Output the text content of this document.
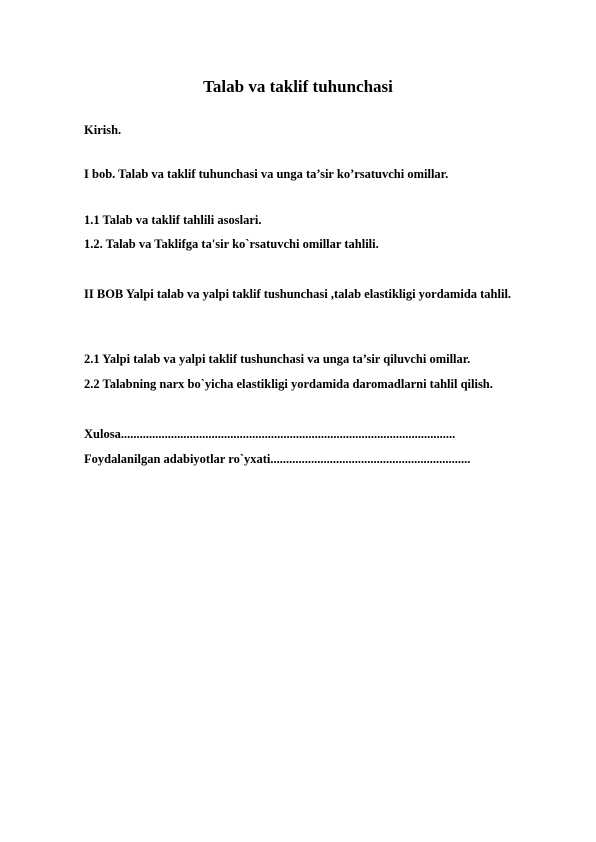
Talab va taklif tuhunchasi
Kirish.
I bob. Talab va taklif tuhunchasi va unga ta’sir ko’rsatuvchi omillar.
1.1 Talab va taklif tahlili asoslari.
1.2. Talab va Taklifga ta'sir ko`rsatuvchi omillar tahlili.
II BOB Yalpi talab va yalpi taklif tushunchasi ,talab elastikligi yordamida tahlil.
2.1 Yalpi talab va yalpi taklif tushunchasi va unga ta’sir qiluvchi omillar.
2.2 Talabning narx bo`yicha elastikligi yordamida daromadlarni tahlil qilish.
Xulosa...........................................................................................................
Foydalanilgan adabiyotlar ro`yxati................................................................
